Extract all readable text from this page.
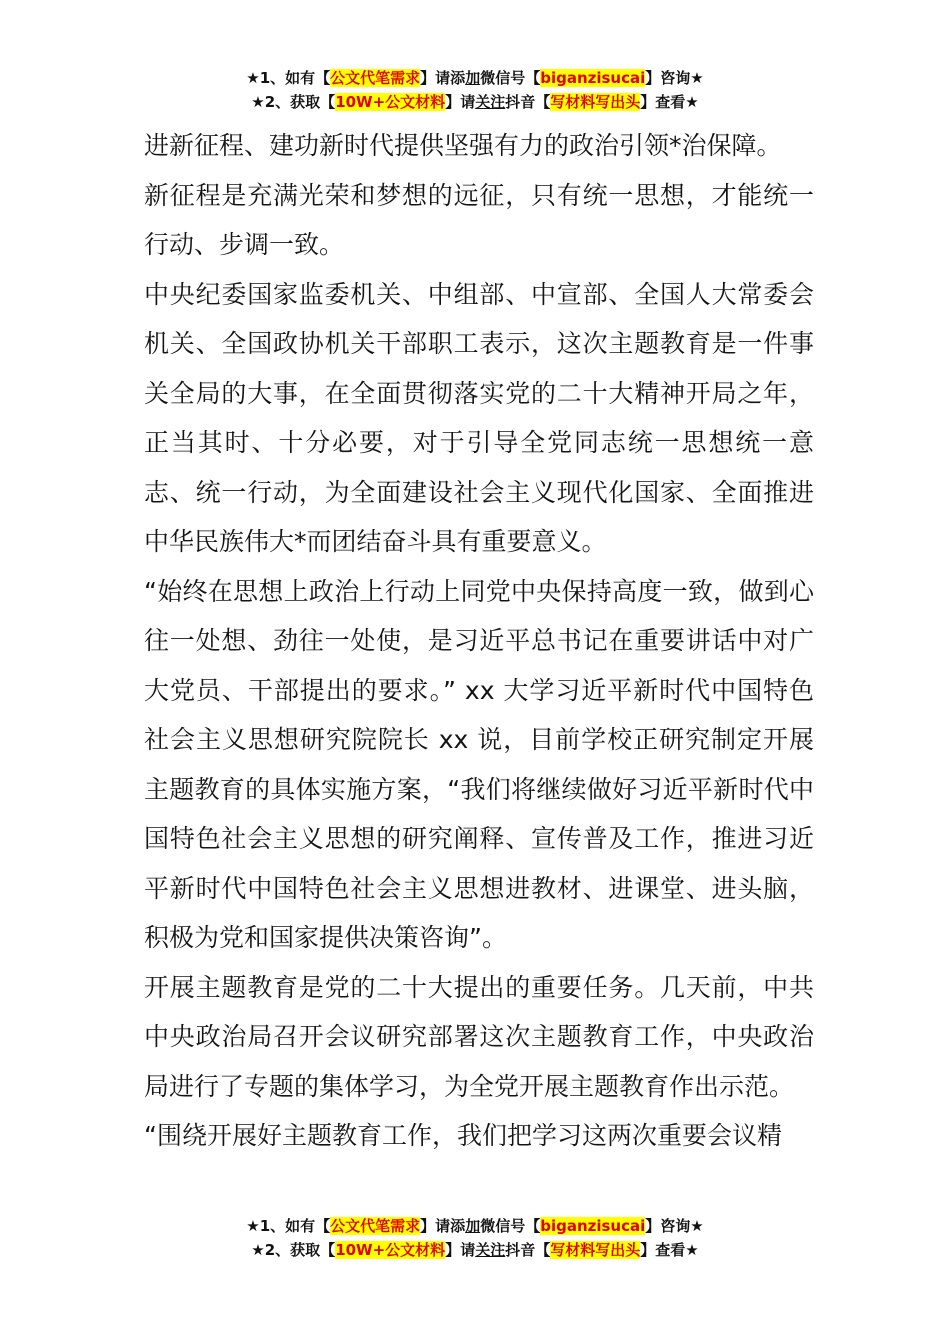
★1、如有【公文代笔需求】请添加微信号【biganzisucai】咨询★
★2、获取【10W+公文材料】请关注抖音【写材料写出头】查看★

进新征程、建功新时代提供坚强有力的政治引领*治保障。

新征程是充满光荣和梦想的远征，只有统一思想，才能统一行动、步调一致。

中央纪委国家监委机关、中组部、中宣部、全国人大常委会机关、全国政协机关干部职工表示，这次主题教育是一件事关全局的大事，在全面贯彻落实党的二十大精神开局之年，正当其时、十分必要，对于引导全党同志统一思想统一意志、统一行动，为全面建设社会主义现代化国家、全面推进中华民族伟大*而团结奋斗具有重要意义。

“始终在思想上政治上行动上同党中央保持高度一致，做到心往一处想、劲往一处使，是习近平总书记在重要讲话中对广大党员、干部提出的要求。” xx 大学习近平新时代中国特色社会主义思想研究院院长 xx 说，目前学校正研究制定开展主题教育的具体实施方案，“我们将继续做好习近平新时代中国特色社会主义思想的研究阐释、宣传普及工作，推进习近平新时代中国特色社会主义思想进教材、进课堂、进头脑，积极为党和国家提供决策咨询”。

开展主题教育是党的二十大提出的重要任务。几天前，中共中央政治局召开会议研究部署这次主题教育工作，中央政治局进行了专题的集体学习，为全党开展主题教育作出示范。

“围绕开展好主题教育工作，我们把学习这两次重要会议精

★1、如有【公文代笔需求】请添加微信号【biganzisucai】咨询★
★2、获取【10W+公文材料】请关注抖音【写材料写出头】查看★
